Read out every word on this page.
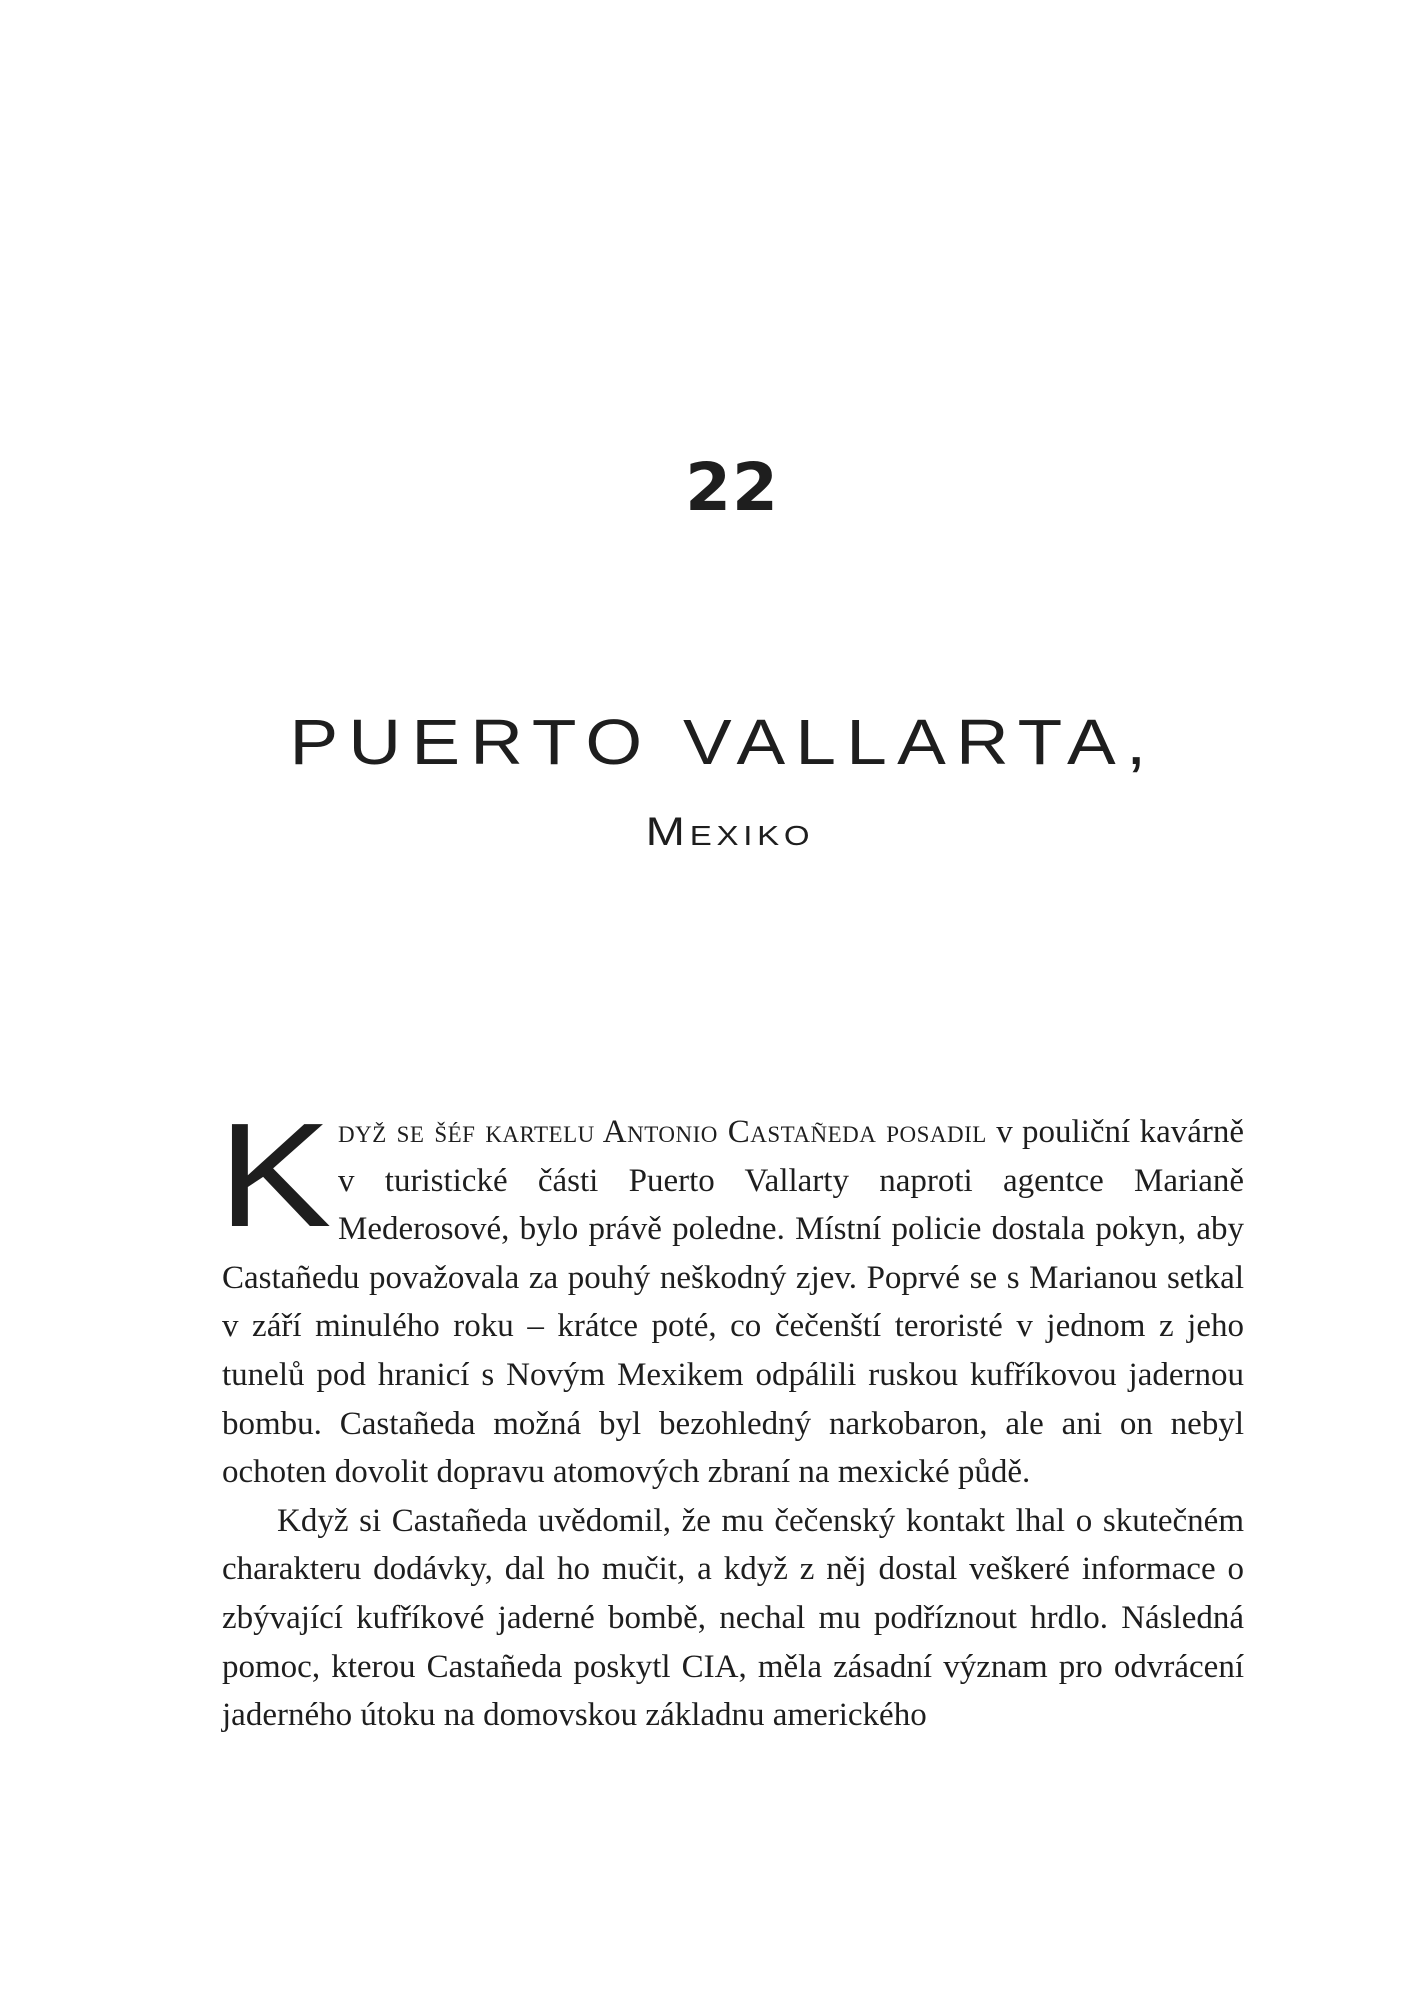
22
PUERTO VALLARTA,
Mexiko

Když se šéf kartelu Antonio Castañeda posadil v pouliční kavárně v turistické části Puerto Vallarty naproti agentce Marianě Mederosové, bylo právě poledne. Místní policie dostala pokyn, aby Castañedu považovala za pouhý neškodný zjev. Poprvé se s Marianou setkal v září minulého roku – krátce poté, co čečenští teroristé v jednom z jeho tunelů pod hranicí s Novým Mexikem odpálili ruskou kufříkovou jadernou bombu. Castañeda možná byl bezohledný narkobaron, ale ani on nebyl ochoten dovolit dopravu atomových zbraní na mexické půdě.

Když si Castañeda uvědomil, že mu čečenský kontakt lhal o skutečném charakteru dodávky, dal ho mučit, a když z něj dostal veškeré informace o zbývající kufříkové jaderné bombě, nechal mu podříznout hrdlo. Následná pomoc, kterou Castañeda poskytl CIA, měla zásadní význam pro odvrácení jaderného útoku na domovskou základnu amerického
